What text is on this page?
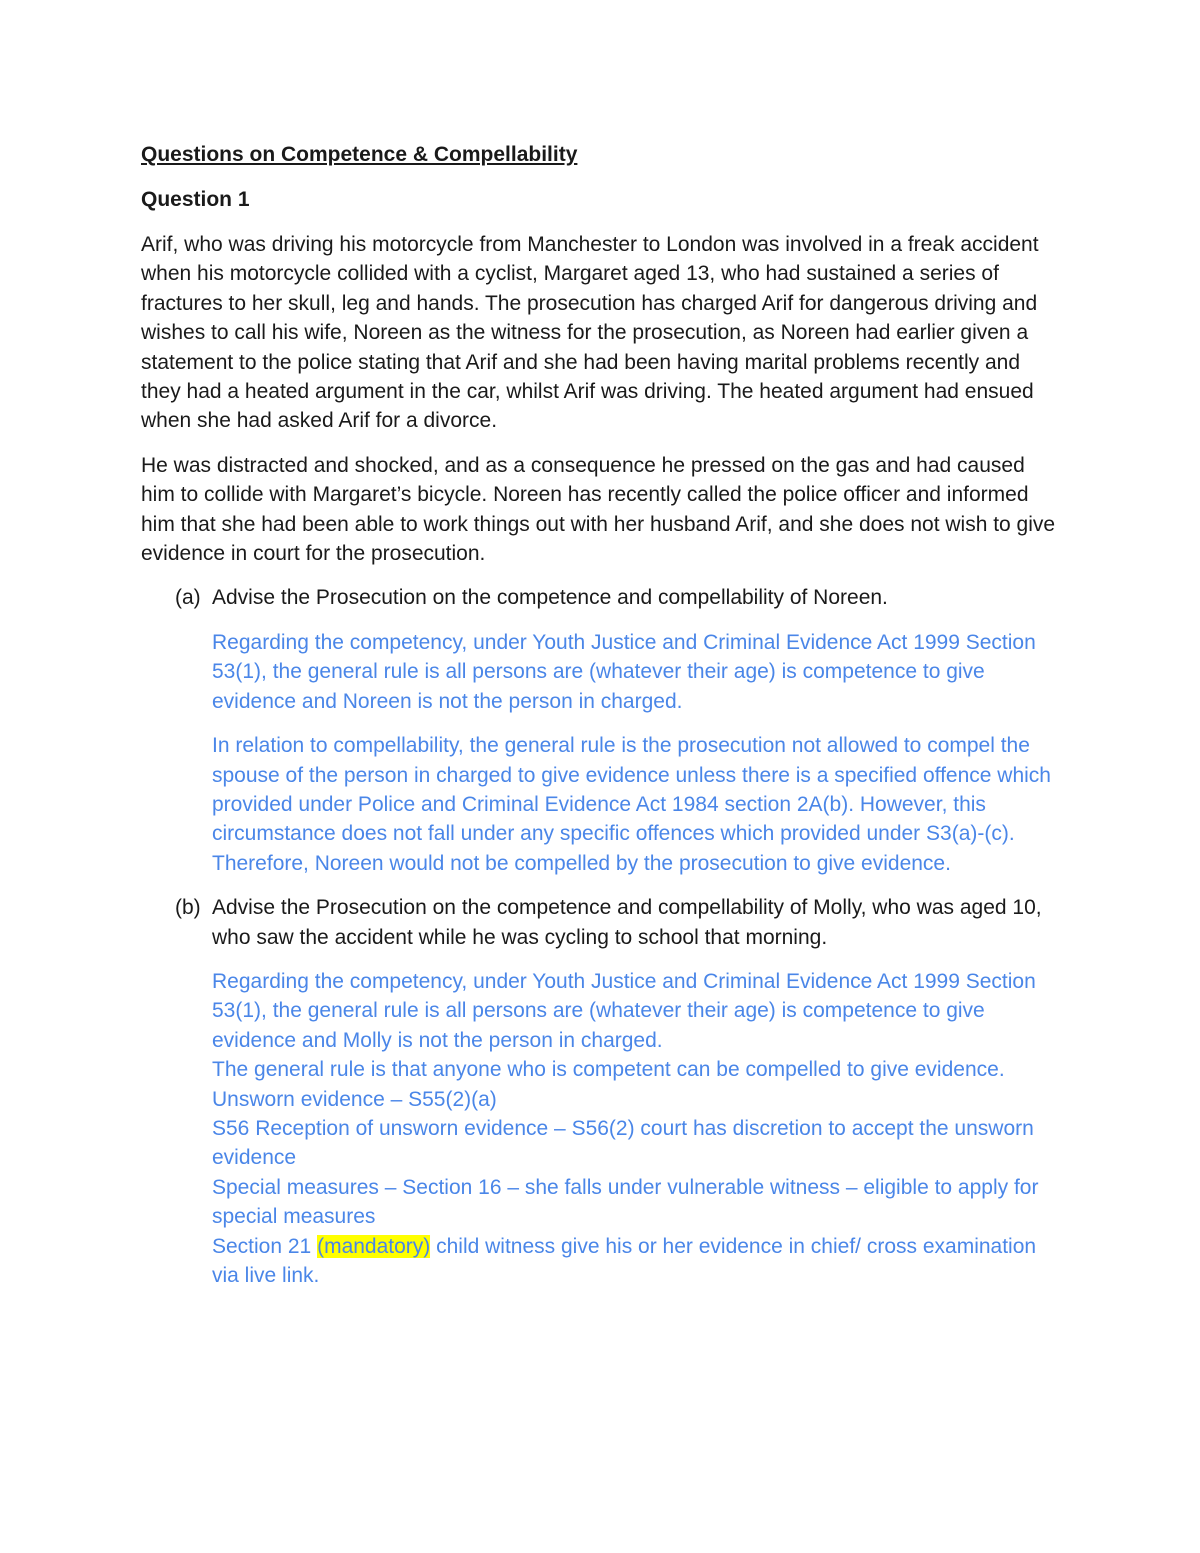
Questions on Competence & Compellability

Question 1

Arif, who was driving his motorcycle from Manchester to London was involved in a freak accident when his motorcycle collided with a cyclist, Margaret aged 13, who had sustained a series of fractures to her skull, leg and hands. The prosecution has charged Arif for dangerous driving and wishes to call his wife, Noreen as the witness for the prosecution, as Noreen had earlier given a statement to the police stating that Arif and she had been having marital problems recently and they had a heated argument in the car, whilst Arif was driving. The heated argument had ensued when she had asked Arif for a divorce.

He was distracted and shocked, and as a consequence he pressed on the gas and had caused him to collide with Margaret’s bicycle. Noreen has recently called the police officer and informed him that she had been able to work things out with her husband Arif, and she does not wish to give evidence in court for the prosecution.

(a) Advise the Prosecution on the competence and compellability of Noreen.

Regarding the competency, under Youth Justice and Criminal Evidence Act 1999 Section 53(1), the general rule is all persons are (whatever their age) is competence to give evidence and Noreen is not the person in charged.

In relation to compellability, the general rule is the prosecution not allowed to compel the spouse of the person in charged to give evidence unless there is a specified offence which provided under Police and Criminal Evidence Act 1984 section 2A(b). However, this circumstance does not fall under any specific offences which provided under S3(a)-(c). Therefore, Noreen would not be compelled by the prosecution to give evidence.

(b) Advise the Prosecution on the competence and compellability of Molly, who was aged 10, who saw the accident while he was cycling to school that morning.

Regarding the competency, under Youth Justice and Criminal Evidence Act 1999 Section 53(1), the general rule is all persons are (whatever their age) is competence to give evidence and Molly is not the person in charged.

The general rule is that anyone who is competent can be compelled to give evidence.

Unsworn evidence – S55(2)(a)

S56 Reception of unsworn evidence – S56(2) court has discretion to accept the unsworn evidence

Special measures – Section 16 – she falls under vulnerable witness – eligible to apply for special measures

Section 21 (mandatory) child witness give his or her evidence in chief/ cross examination via live link.
